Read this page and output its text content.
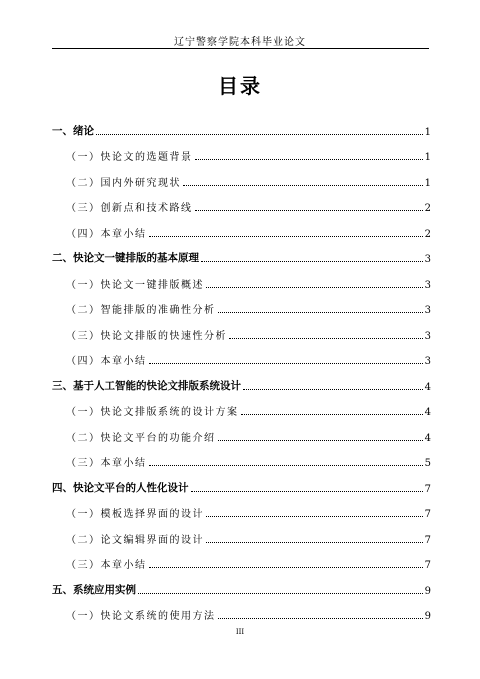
辽宁警察学院本科毕业论文
目录
一、绪论	1
（一）快论文的选题背景	1
（二）国内外研究现状	1
（三）创新点和技术路线	2
（四）本章小结	2
二、快论文一键排版的基本原理	3
（一）快论文一键排版概述	3
（二）智能排版的准确性分析	3
（三）快论文排版的快速性分析	3
（四）本章小结	3
三、基于人工智能的快论文排版系统设计	4
（一）快论文排版系统的设计方案	4
（二）快论文平台的功能介绍	4
（三）本章小结	5
四、快论文平台的人性化设计	7
（一）模板选择界面的设计	7
（二）论文编辑界面的设计	7
（三）本章小结	7
五、系统应用实例	9
（一）快论文系统的使用方法	9
III
